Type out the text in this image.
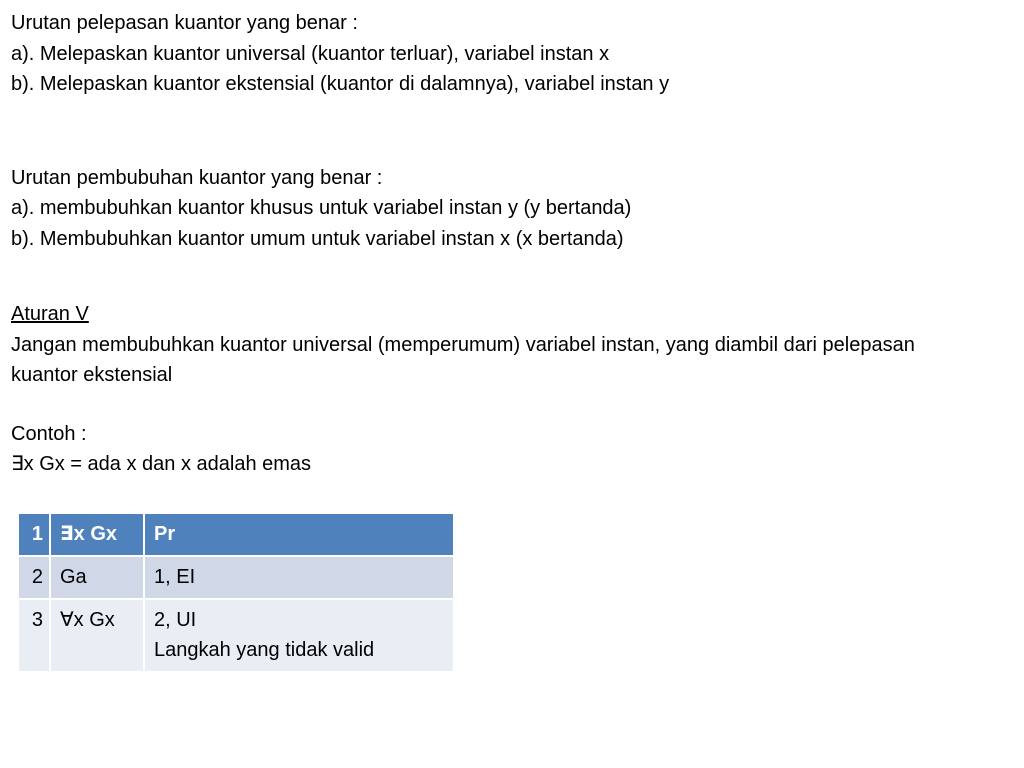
Urutan pelepasan kuantor yang benar :

a). Melepaskan kuantor universal (kuantor terluar), variabel instan x

b). Melepaskan kuantor ekstensial (kuantor di dalamnya), variabel instan y

Urutan pembubuhan kuantor yang benar :

a). membubuhkan kuantor khusus untuk variabel instan y (y bertanda)

b). Membubuhkan kuantor umum untuk variabel instan x (x bertanda)

Aturan V

Jangan membubuhkan kuantor universal (memperumum) variabel instan, yang diambil dari pelepasan kuantor ekstensial

Contoh :

∃x Gx = ada x dan x adalah emas

1	∃x Gx	Pr
2	Ga	1, EI
3	∀x Gx	2, UI
Langkah yang tidak valid
